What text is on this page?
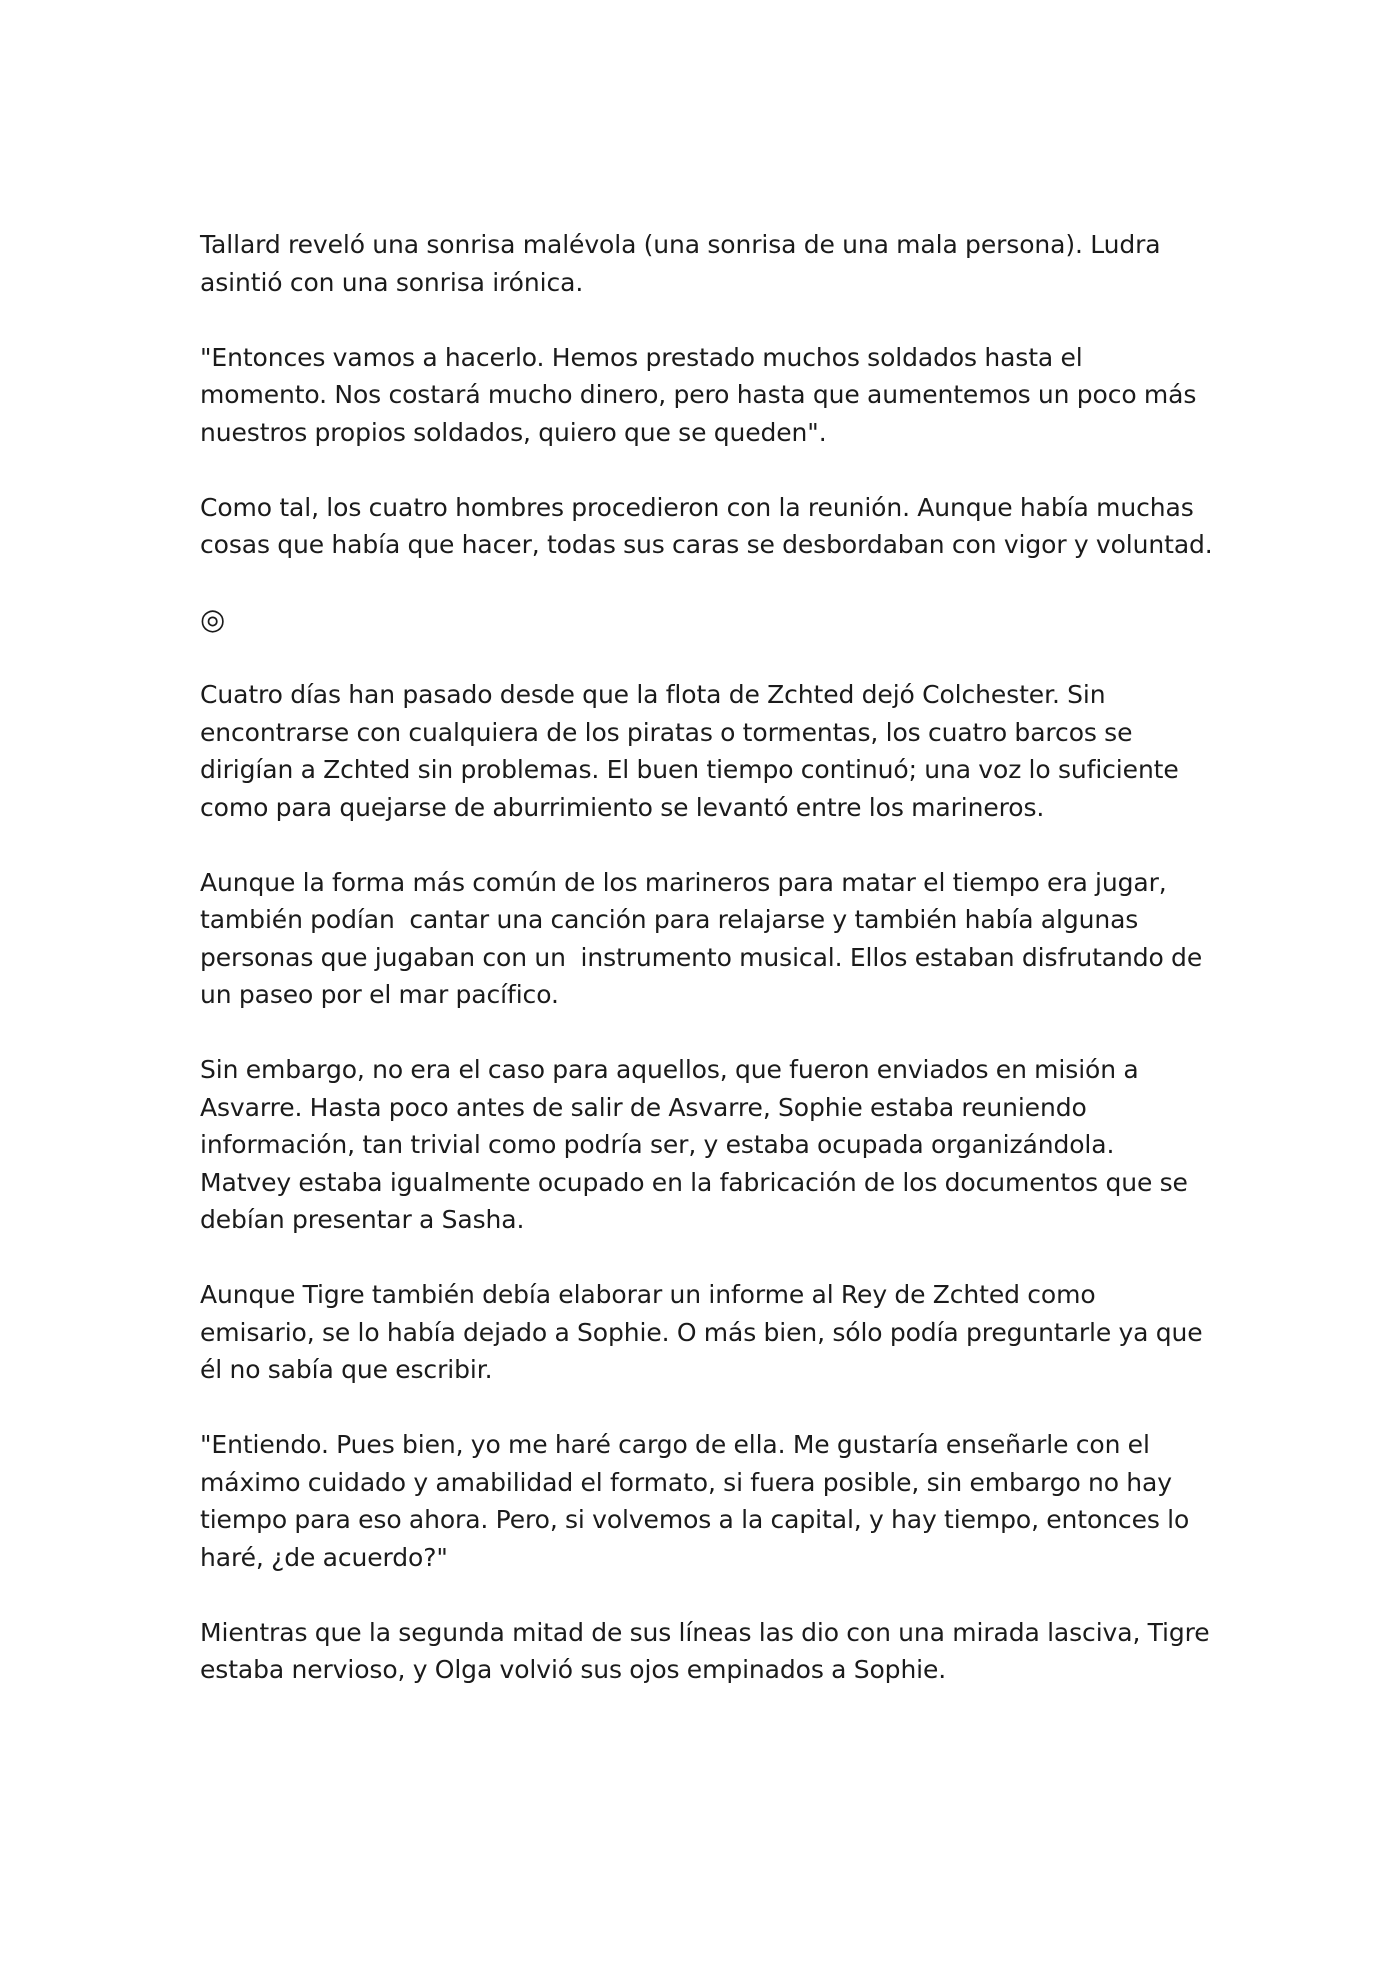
Tallard reveló una sonrisa malévola (una sonrisa de una mala persona). Ludra
asintió con una sonrisa irónica.

"Entonces vamos a hacerlo. Hemos prestado muchos soldados hasta el
momento. Nos costará mucho dinero, pero hasta que aumentemos un poco más
nuestros propios soldados, quiero que se queden".

Como tal, los cuatro hombres procedieron con la reunión. Aunque había muchas
cosas que había que hacer, todas sus caras se desbordaban con vigor y voluntad.

◎

Cuatro días han pasado desde que la flota de Zchted dejó Colchester. Sin
encontrarse con cualquiera de los piratas o tormentas, los cuatro barcos se
dirigían a Zchted sin problemas. El buen tiempo continuó; una voz lo suficiente
como para quejarse de aburrimiento se levantó entre los marineros.

Aunque la forma más común de los marineros para matar el tiempo era jugar,
también podían  cantar una canción para relajarse y también había algunas
personas que jugaban con un  instrumento musical. Ellos estaban disfrutando de
un paseo por el mar pacífico.

Sin embargo, no era el caso para aquellos, que fueron enviados en misión a
Asvarre. Hasta poco antes de salir de Asvarre, Sophie estaba reuniendo
información, tan trivial como podría ser, y estaba ocupada organizándola.
Matvey estaba igualmente ocupado en la fabricación de los documentos que se
debían presentar a Sasha.

Aunque Tigre también debía elaborar un informe al Rey de Zchted como
emisario, se lo había dejado a Sophie. O más bien, sólo podía preguntarle ya que
él no sabía que escribir.

"Entiendo. Pues bien, yo me haré cargo de ella. Me gustaría enseñarle con el
máximo cuidado y amabilidad el formato, si fuera posible, sin embargo no hay
tiempo para eso ahora. Pero, si volvemos a la capital, y hay tiempo, entonces lo
haré, ¿de acuerdo?"

Mientras que la segunda mitad de sus líneas las dio con una mirada lasciva, Tigre
estaba nervioso, y Olga volvió sus ojos empinados a Sophie.
